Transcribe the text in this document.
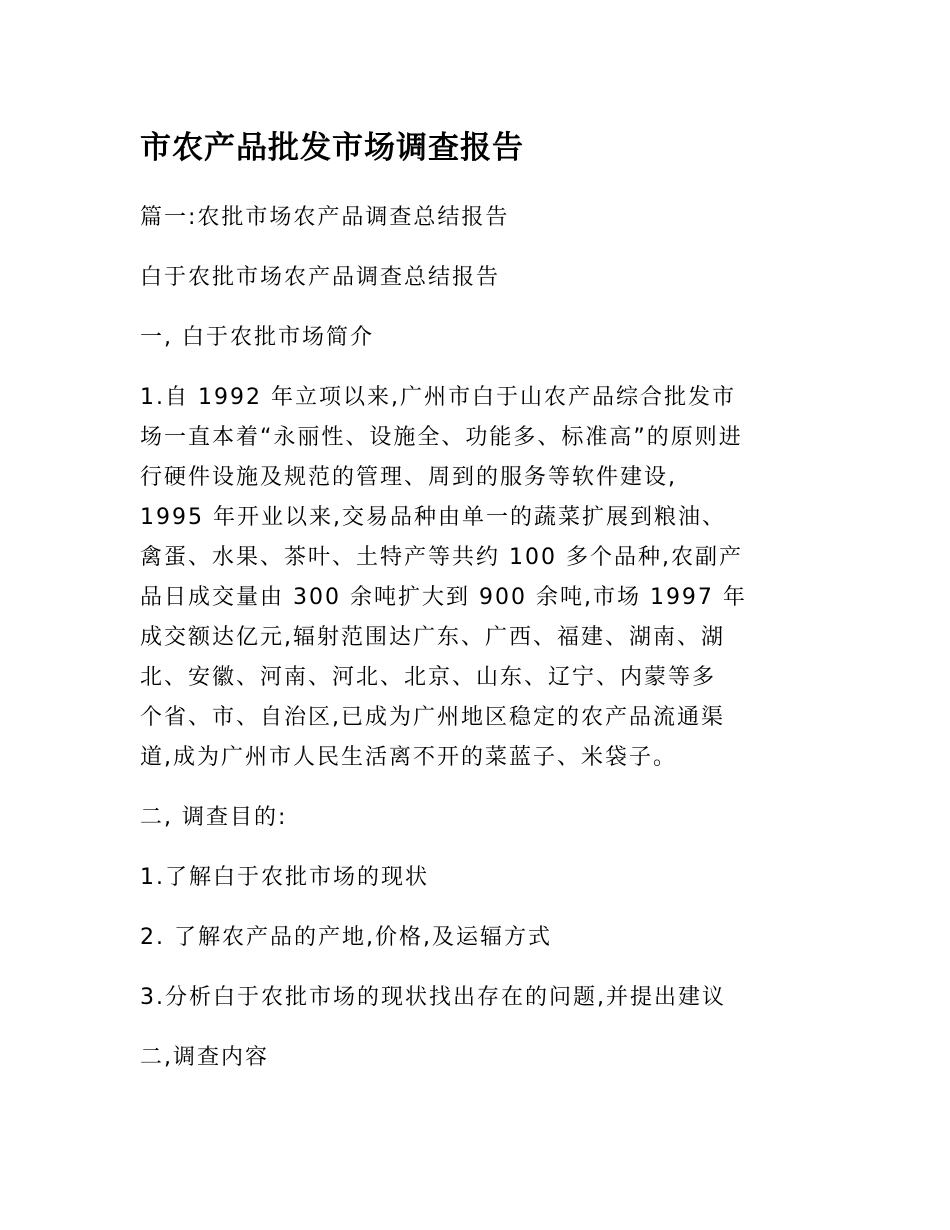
市农产品批发市场调查报告
篇一:农批市场农产品调查总结报告
白于农批市场农产品调查总结报告
一, 白于农批市场简介
1.自 1992 年立项以来,广州市白于山农产品综合批发市
场一直本着“永丽性、设施全、功能多、标准高”的原则进
行硬件设施及规范的管理、周到的服务等软件建设,
1995 年开业以来,交易品种由单一的蔬菜扩展到粮油、
禽蛋、水果、茶叶、土特产等共约 100 多个品种,农副产
品日成交量由 300 余吨扩大到 900 余吨,市场 1997 年
成交额达亿元,辐射范围达广东、广西、福建、湖南、湖
北、安徽、河南、河北、北京、山东、辽宁、内蒙等多
个省、市、自治区,已成为广州地区稳定的农产品流通渠
道,成为广州市人民生活离不开的菜蓝子、米袋子。
二, 调查目的:
1.了解白于农批市场的现状
2. 了解农产品的产地,价格,及运辐方式
3.分析白于农批市场的现状找出存在的问题,并提出建议
二,调查内容
